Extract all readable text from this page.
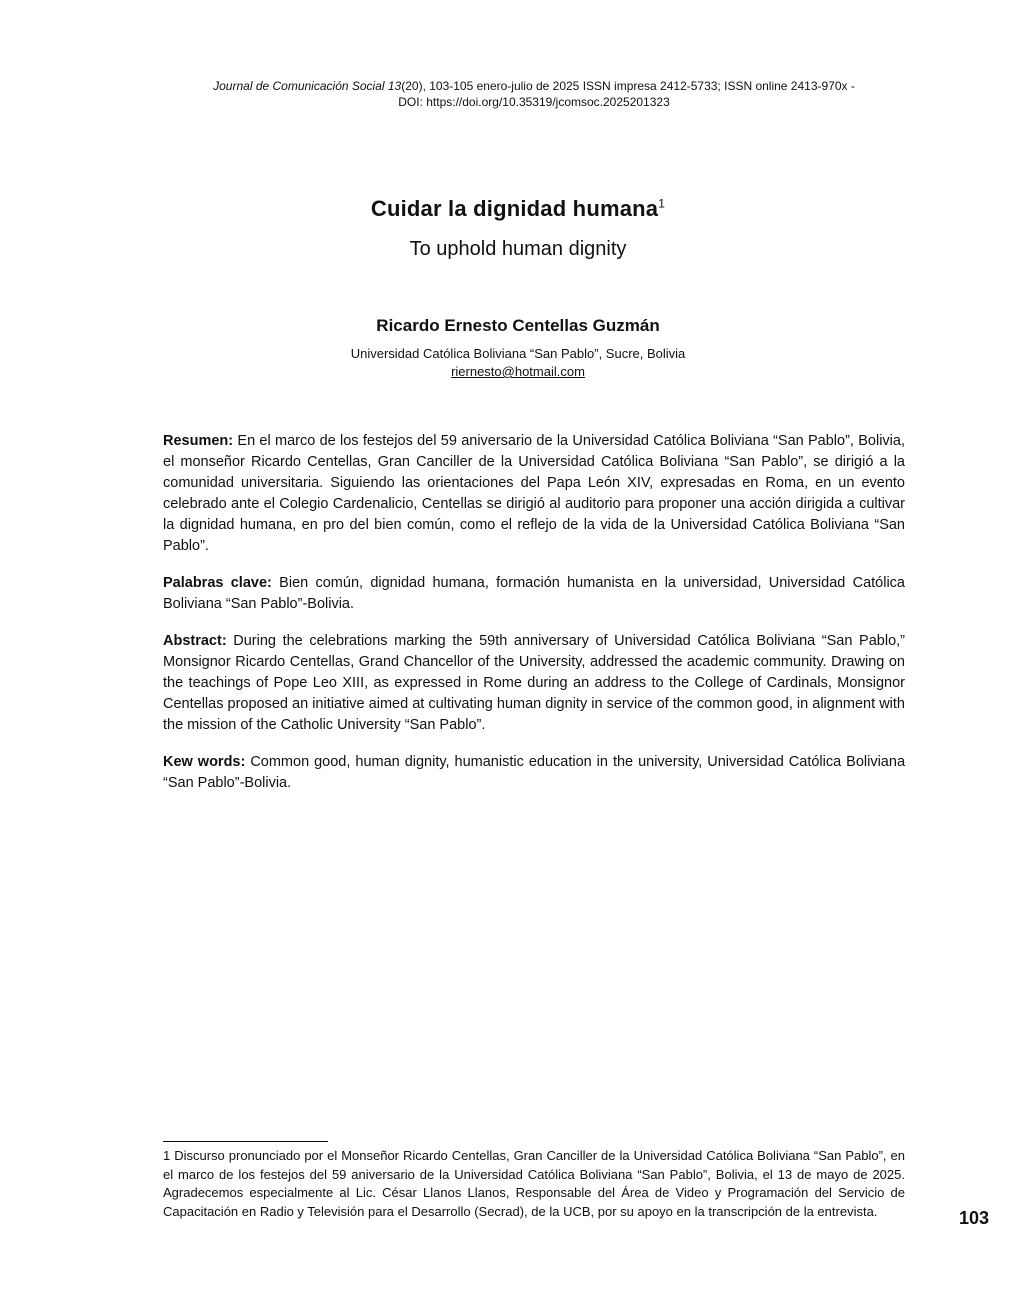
Journal de Comunicación Social 13(20), 103-105 enero-julio de 2025 ISSN impresa 2412-5733; ISSN online 2413-970x -
DOI: https://doi.org/10.35319/jcomsoc.2025201323
Cuidar la dignidad humana$^1$
To uphold human dignity
Ricardo Ernesto Centellas Guzmán
Universidad Católica Boliviana “San Pablo”, Sucre, Bolivia
riernesto@hotmail.com
Resumen: En el marco de los festejos del 59 aniversario de la Universidad Católica Boliviana “San Pablo”, Bolivia, el monseñor Ricardo Centellas, Gran Canciller de la Universidad Católica Boliviana “San Pablo”, se dirigió a la comunidad universitaria. Siguiendo las orientaciones del Papa León XIV, expresadas en Roma, en un evento celebrado ante el Colegio Cardenalicio, Centellas se dirigió al auditorio para proponer una acción dirigida a cultivar la dignidad humana, en pro del bien común, como el reflejo de la vida de la Universidad Católica Boliviana “San Pablo”.
Palabras clave: Bien común, dignidad humana, formación humanista en la universidad, Universidad Católica Boliviana “San Pablo”-Bolivia.
Abstract: During the celebrations marking the 59th anniversary of Universidad Católica Boliviana “San Pablo,” Monsignor Ricardo Centellas, Grand Chancellor of the University, addressed the academic community. Drawing on the teachings of Pope Leo XIII, as expressed in Rome during an address to the College of Cardinals, Monsignor Centellas proposed an initiative aimed at cultivating human dignity in service of the common good, in alignment with the mission of the Catholic University “San Pablo”.
Kew words: Common good, human dignity, humanistic education in the university, Universidad Católica Boliviana “San Pablo”-Bolivia.
1 Discurso pronunciado por el Monseñor Ricardo Centellas, Gran Canciller de la Universidad Católica Boliviana “San Pablo”, en el marco de los festejos del 59 aniversario de la Universidad Católica Boliviana “San Pablo”, Bolivia, el 13 de mayo de 2025. Agradecemos especialmente al Lic. César Llanos Llanos, Responsable del Área de Video y Programación del Servicio de Capacitación en Radio y Televisión para el Desarrollo (Secrad), de la UCB, por su apoyo en la transcripción de la entrevista.	103
